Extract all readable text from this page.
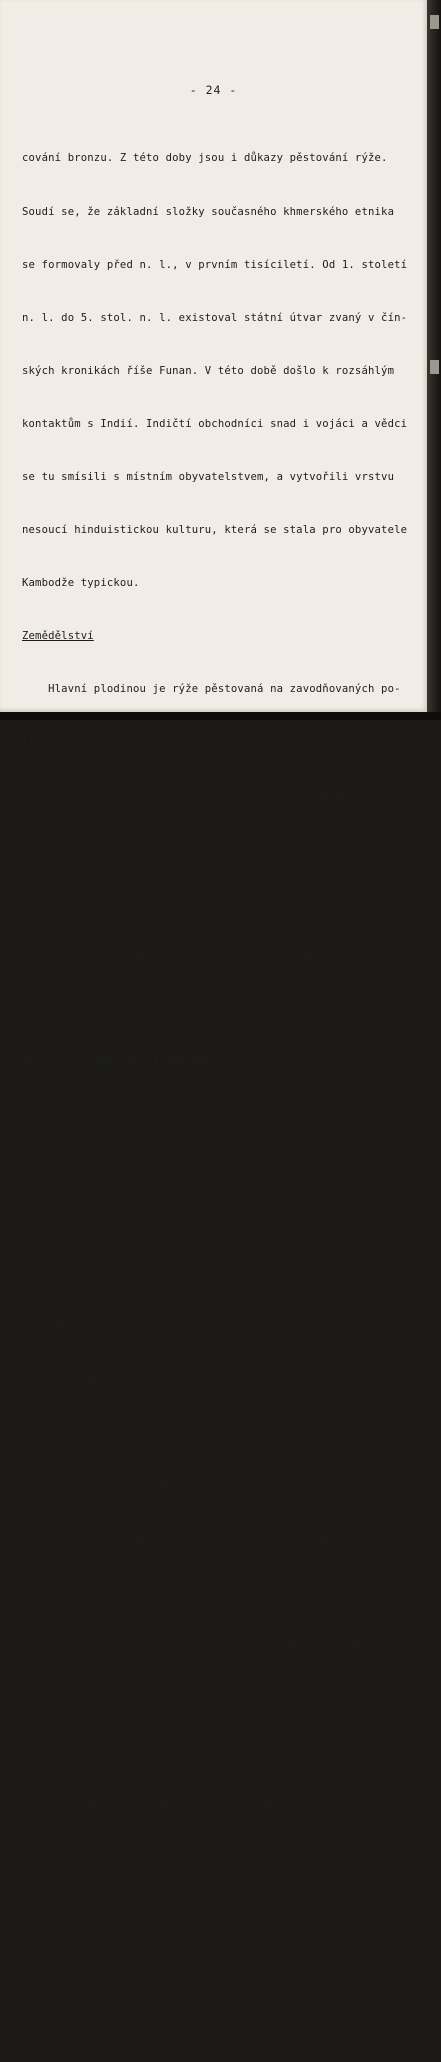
- 24 -

cování bronzu. Z této doby jsou i důkazy pěstování rýže.

Soudí se, že základní složky současného khmerského etnika

se formovaly před n. l., v prvním tisíciletí. Od 1. století

n. l. do 5. stol. n. l. existoval státní útvar zvaný v čín-

ských kronikách říše Funan. V této době došlo k rozsáhlým

kontaktům s Indií. Indičtí obchodníci snad i vojáci a vědci

se tu smísili s místním obyvatelstvem, a vytvořili vrstvu

nesoucí hinduistickou kulturu, která se stala pro obyvatele

Kambodže typickou.

Zemědělství

Hlavní plodinou je rýže pěstovaná na zavodňovaných po-

lích. Rozloha obdělávané půdy činí asi 17 % plochy státu.

Do roku 1975 byla rýže pěstovaná na ploše 2 300 000 ha,

podle půdy byl výnos od 800 kg do 2 000 kg/ha. K počtu oby-

vatelstva který činil asi 7 milionů to byl stav, kdy se

všichni skromně najedli, a zbylo něco na export.

V roce 1984 došlo k obnově kambodžské ekonomiky do té

míry, že k obdělání 1 600 000 ha rýžovišť, která dala skli-

zeň 2 000 000 tun rýže. Je zajímavé, že vlastně zemědělská

produkce, lépe řečeno produkce rýže, mohla být i příčinou

zániku Angkorské říše.

V době asi od 7. do 12. století přebudovali obyvatelé

říše Angkor krajinu kolem jezera Tonlesap a vlastního Angko-

ru na rozsáhlou soustavu zavodňovaných rýžovišť. Monzunové

deště však pomalu smývaly úrodnou půdu, a přinášely ji do

jezera Tonlesap. Zavodňovací soustavy rýžovišť byly  budo-

vané na principu malých výškových rozdílů. Voda se všude po-

hybovala samospádem. Proto byly krajně citlivé i na malé

usazeniny, brániči průtoku vody. Avšak nádrže a kanály se

poznenáhlu zanášely. Na koncích soustav rýžovišť vysychala.

Minerální soli s úrodným bahnem se odplavovaly, a zavlažová-

ní polí vodou bez minerálních solí neměla účinek. Úroda rýže

rychle klesala. Rolníci začali opouštět zemi, která jim ne-

mohla dát obživu. Proto pravděpodobně nesoulad mezi způsobem

zemědělské výroby a přírodou mohl být jedním z hlavních fak-

torů pádu Angkorské říše. (Dorst)
